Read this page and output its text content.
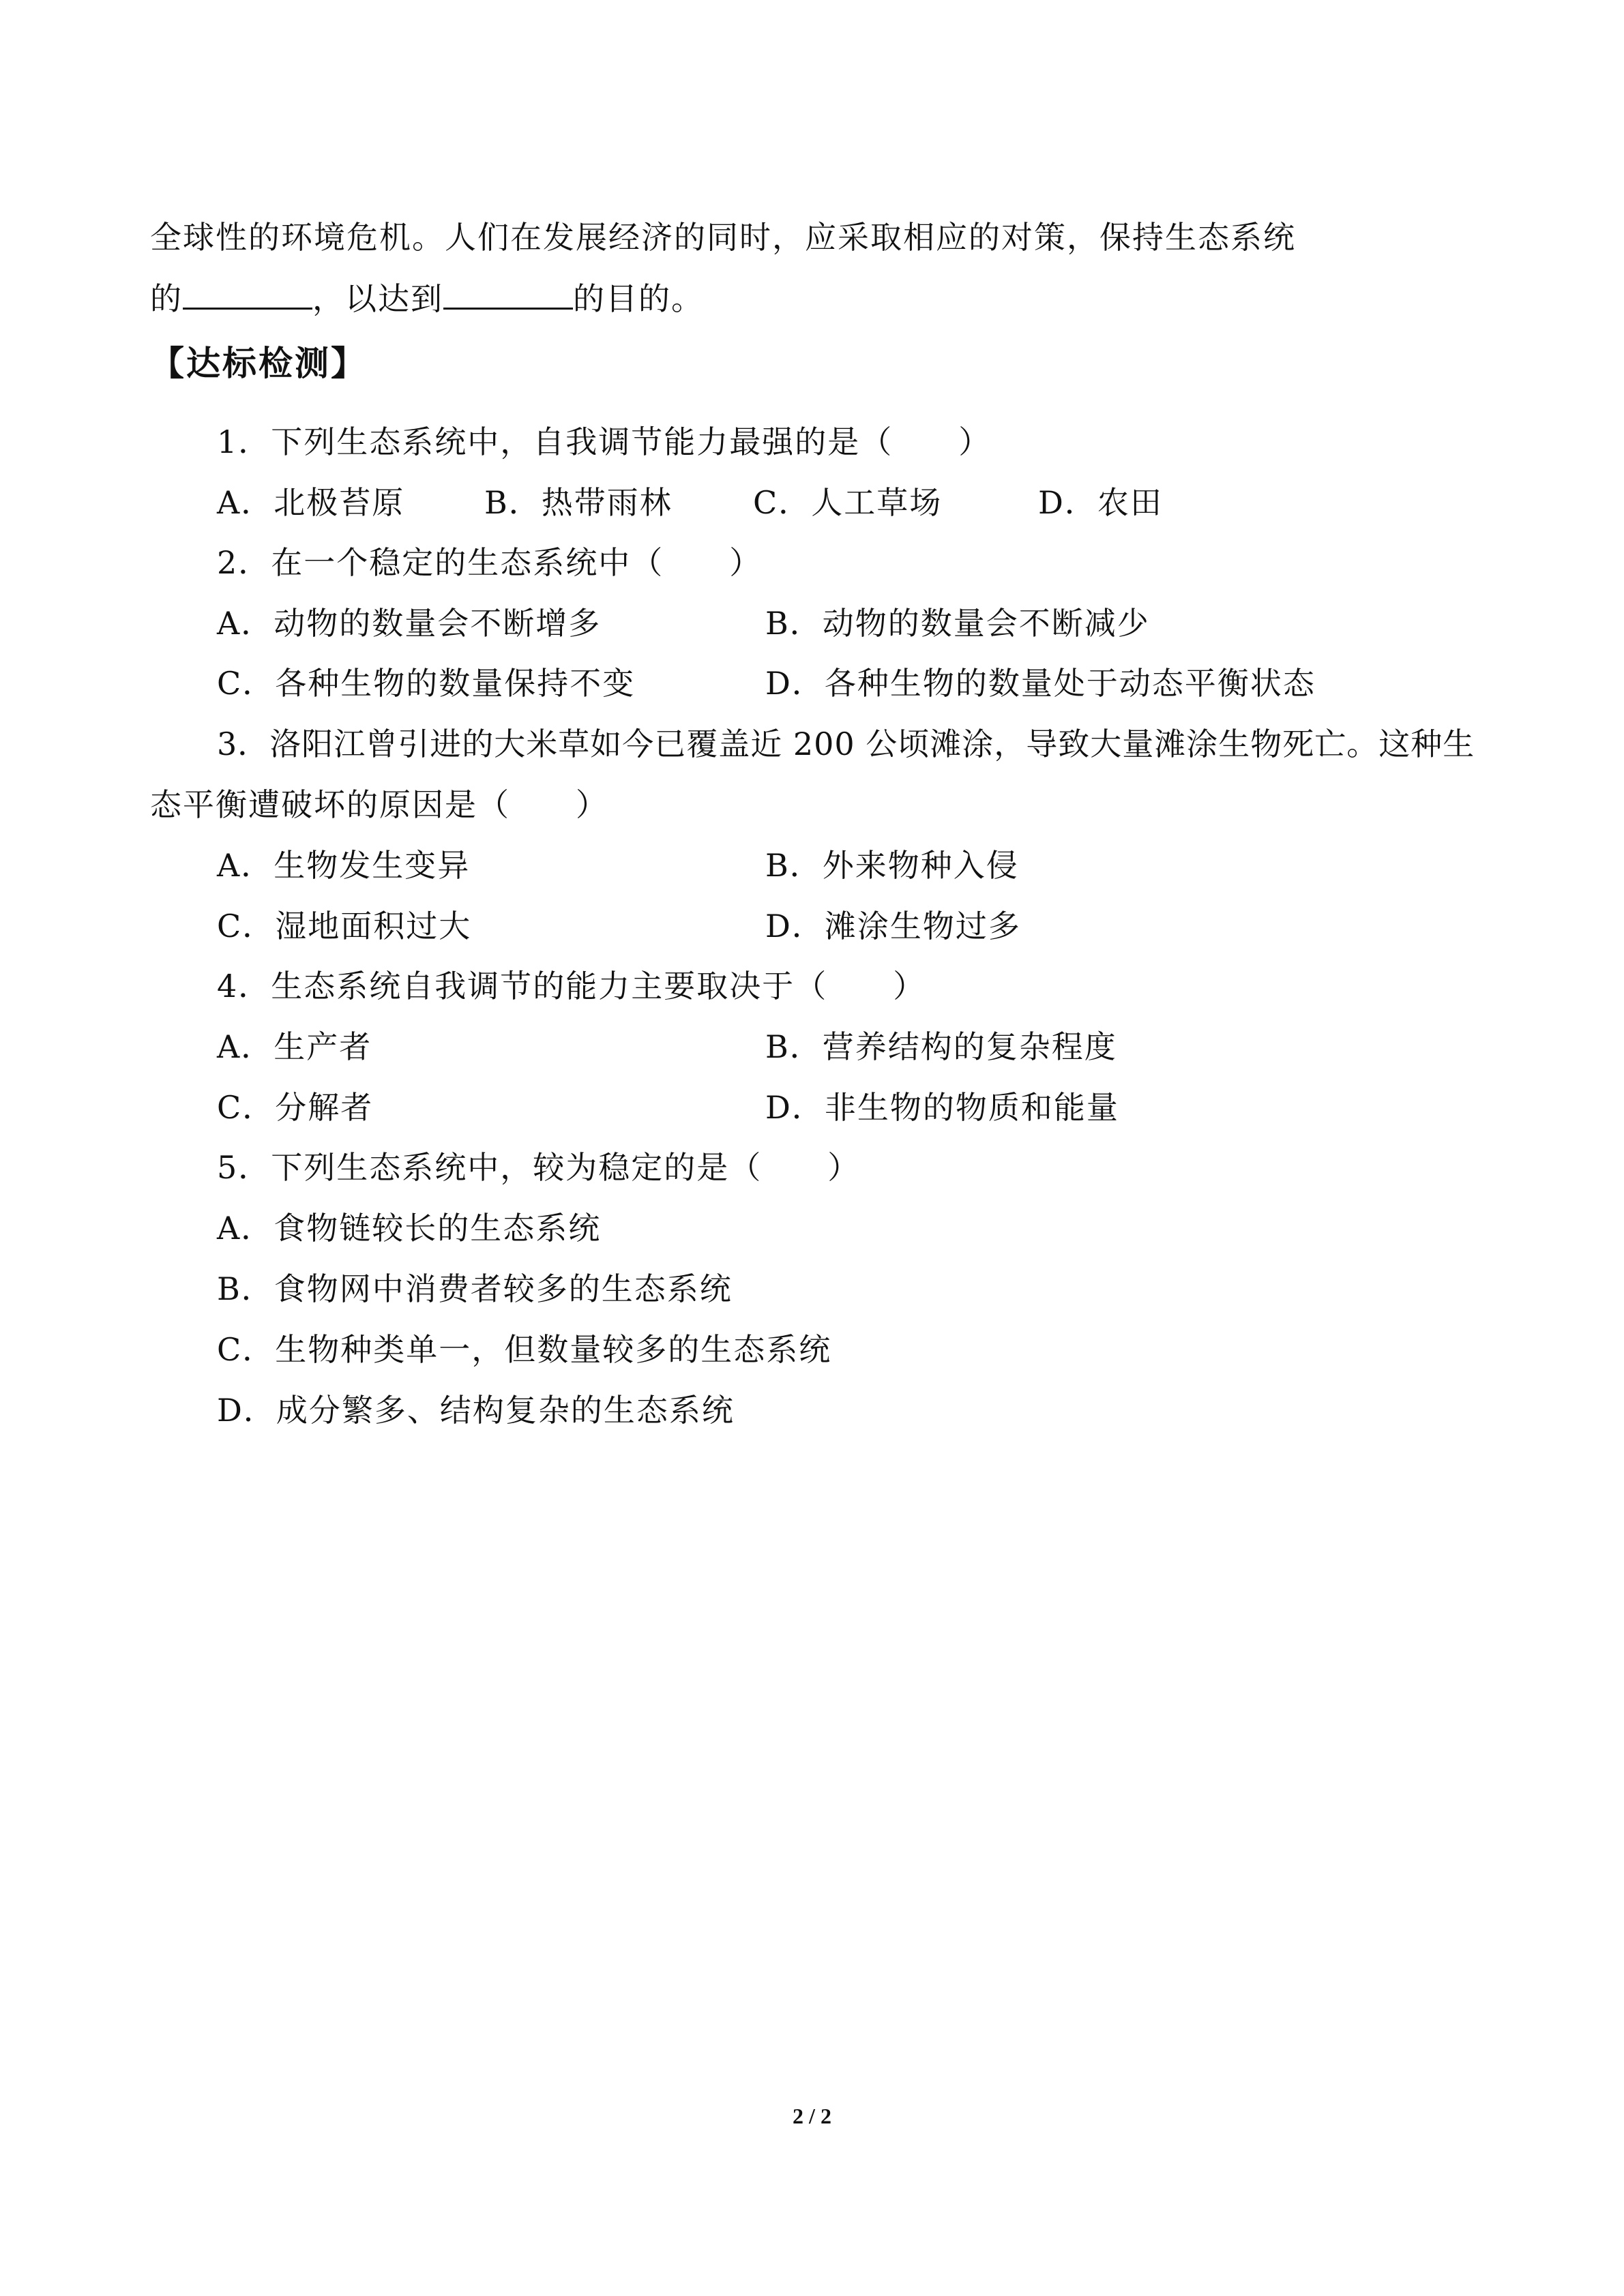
全球性的环境危机。人们在发展经济的同时，应采取相应的对策，保持生态系统
的	，以达到	的目的。
【达标检测】
1．下列生态系统中，自我调节能力最强的是（　　）
A．北极苔原	B．热带雨林	C．人工草场	D．农田
2．在一个稳定的生态系统中（　　）
A．动物的数量会不断增多	B．动物的数量会不断减少
C．各种生物的数量保持不变	D．各种生物的数量处于动态平衡状态
3．洛阳江曾引进的大米草如今已覆盖近 200 公顷滩涂，导致大量滩涂生物死亡。这种生
态平衡遭破坏的原因是（　　）
A．生物发生变异	B．外来物种入侵
C．湿地面积过大	D．滩涂生物过多
4．生态系统自我调节的能力主要取决于（　　）
A．生产者	B．营养结构的复杂程度
C．分解者	D．非生物的物质和能量
5．下列生态系统中，较为稳定的是（　　）
A．食物链较长的生态系统
B．食物网中消费者较多的生态系统
C．生物种类单一，但数量较多的生态系统
D．成分繁多、结构复杂的生态系统
2 / 2
